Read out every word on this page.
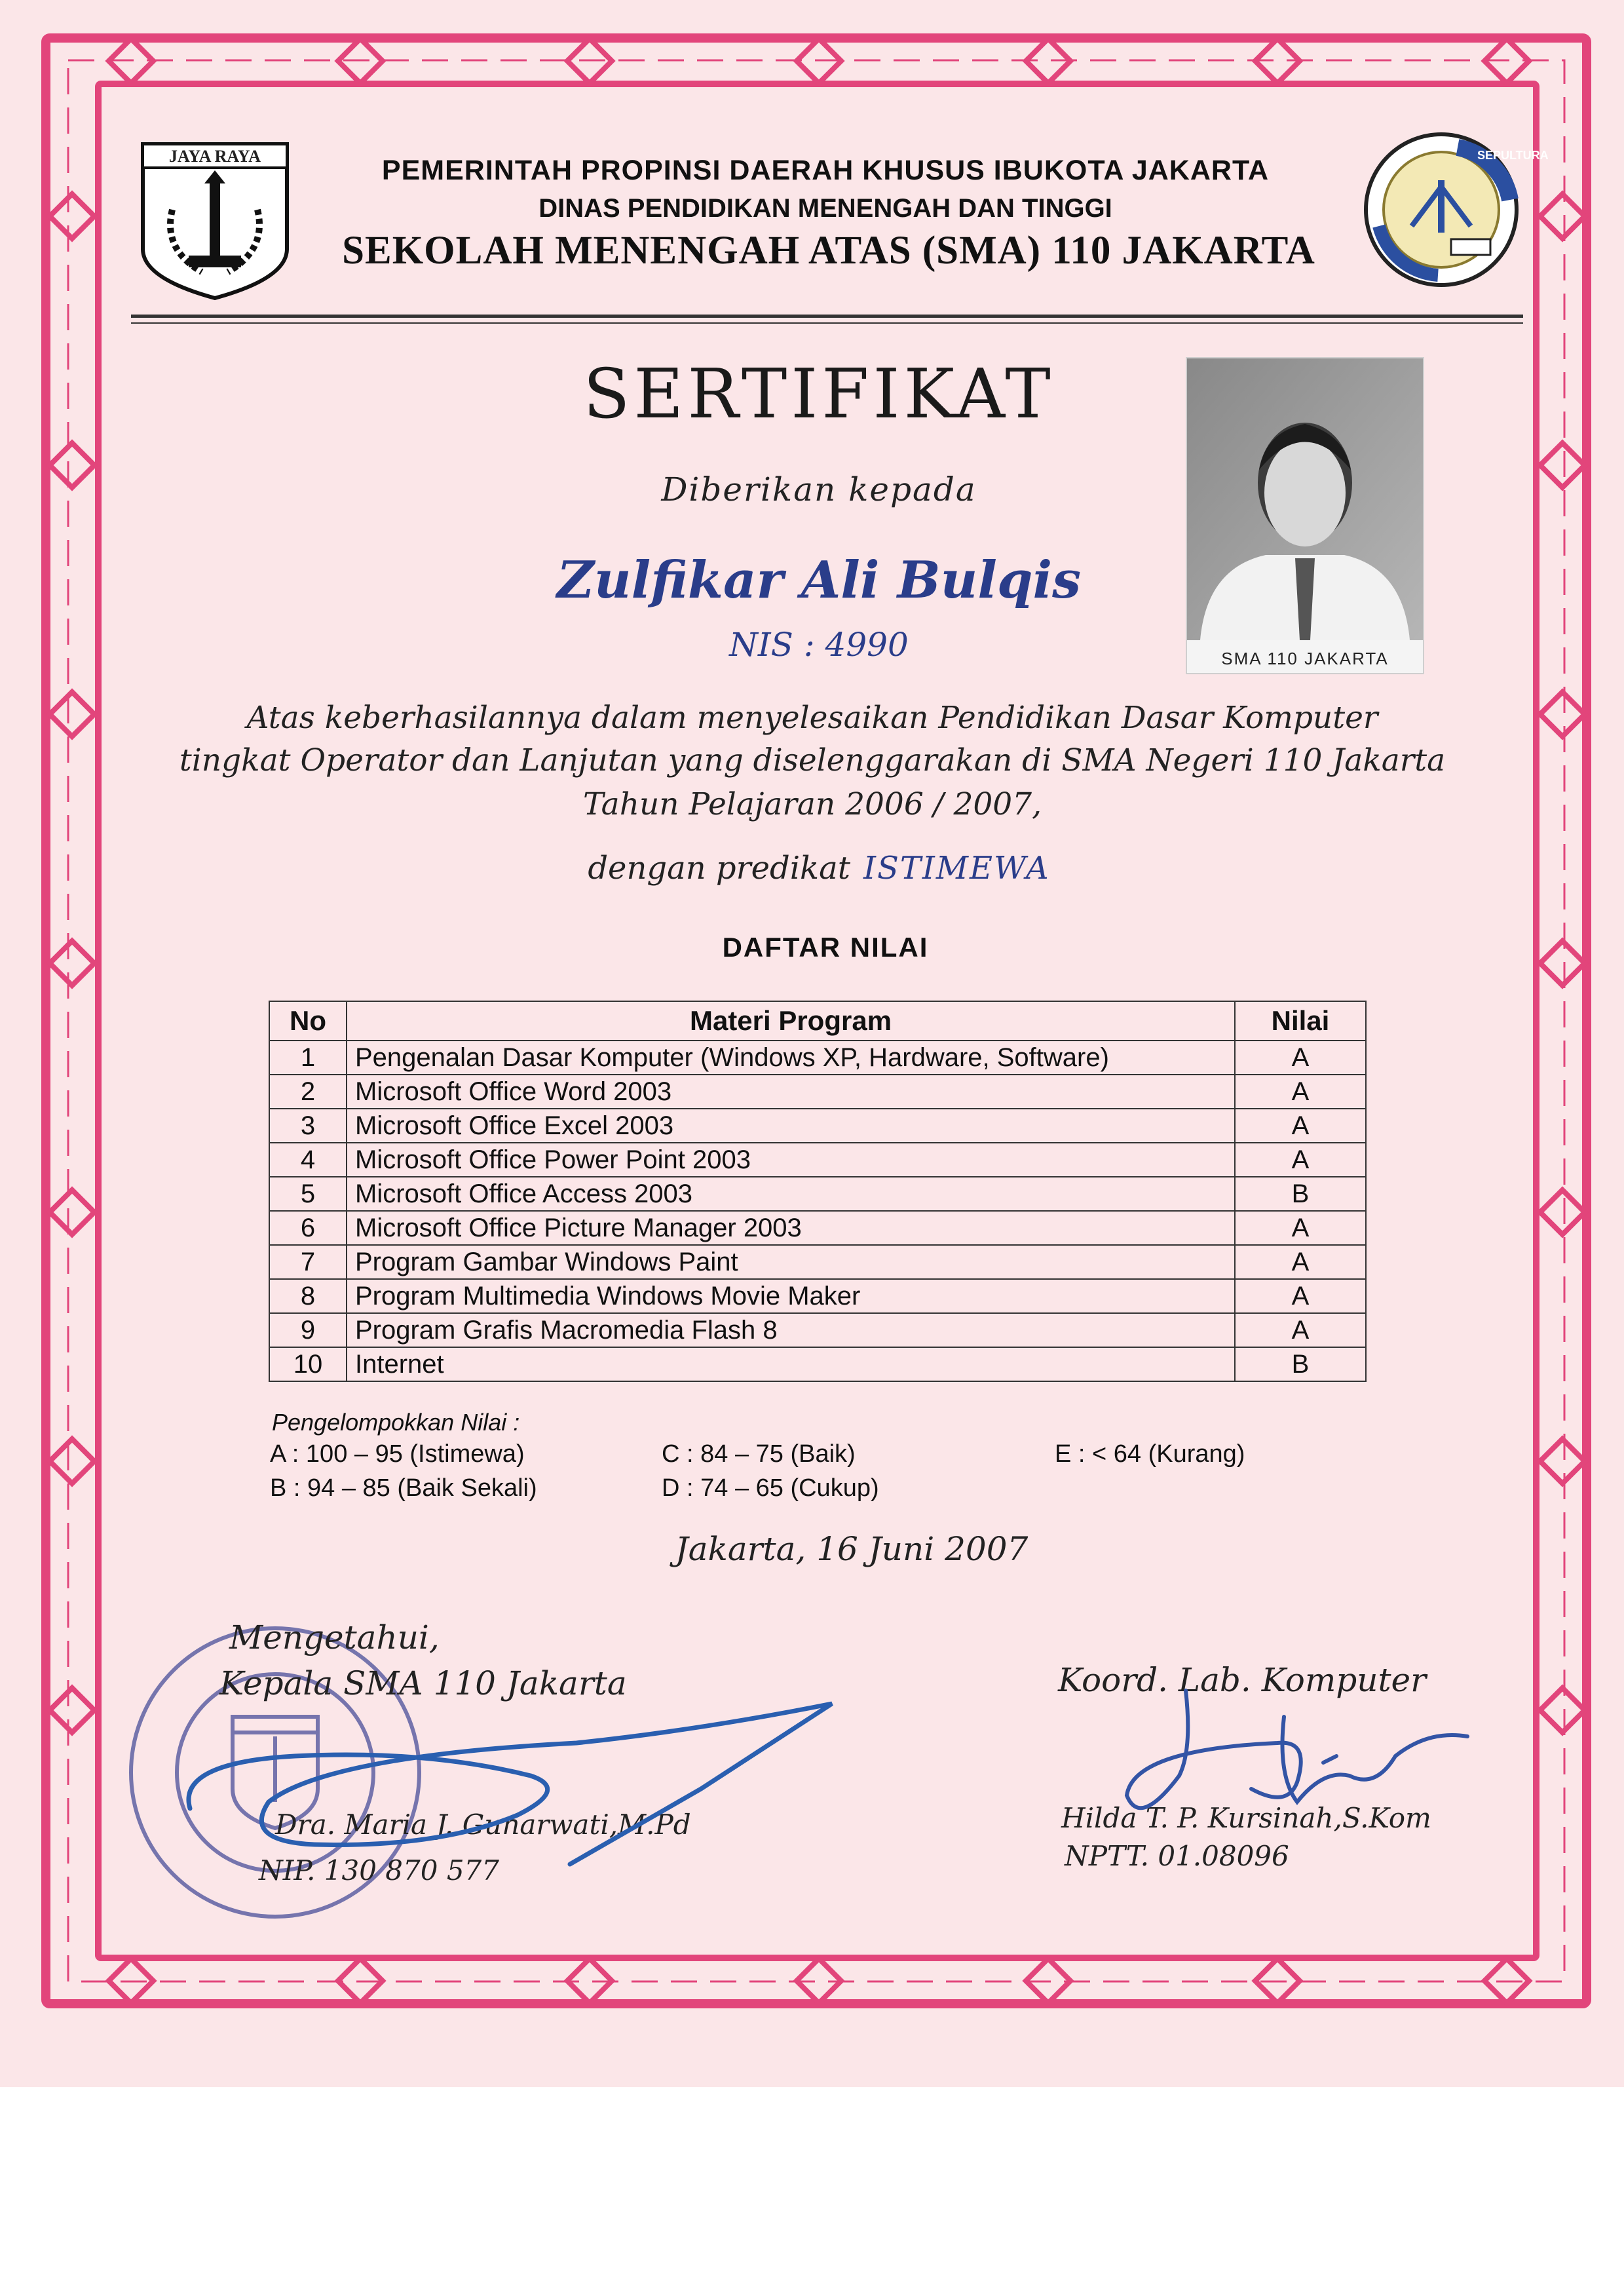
JAYA RAYA	PEMERINTAH PROPINSI DAERAH KHUSUS IBUKOTA JAKARTA
DINAS PENDIDIKAN MENENGAH DAN TINGGI
SEKOLAH MENENGAH ATAS (SMA) 110 JAKARTA
SEPULTURA
SERTIFIKAT
Diberikan kepada
Zulfikar Ali Bulqis
NIS : 4990	SMA 110 JAKARTA
Atas keberhasilannya dalam menyelesaikan Pendidikan Dasar Komputer
tingkat Operator dan Lanjutan yang diselenggarakan di SMA Negeri 110 Jakarta
Tahun Pelajaran 2006 / 2007,
dengan predikat ISTIMEWA
DAFTAR NILAI
No	Materi Program	Nilai
1	Pengenalan Dasar Komputer (Windows XP, Hardware, Software)	A
2	Microsoft Office Word 2003	A
3	Microsoft Office Excel 2003	A
4	Microsoft Office Power Point 2003	A
5	Microsoft Office Access 2003	B
6	Microsoft Office Picture Manager 2003	A
7	Program Gambar Windows Paint	A
8	Program Multimedia Windows Movie Maker	A
9	Program Grafis Macromedia Flash 8	A
10	Internet	B
Pengelompokkan Nilai :
A : 100 – 95 (Istimewa)
B : 94 – 85 (Baik Sekali)
C : 84 – 75 (Baik)
D : 74 – 65 (Cukup)
E : < 64 (Kurang)
Jakarta, 16 Juni 2007
Mengetahui,
Kepala SMA 110 Jakarta
Dra. Maria J. Gunarwati,M.Pd
NIP. 130 870 577
Koord. Lab. Komputer
Hilda T. P. Kursinah,S.Kom
NPTT. 01.08096
